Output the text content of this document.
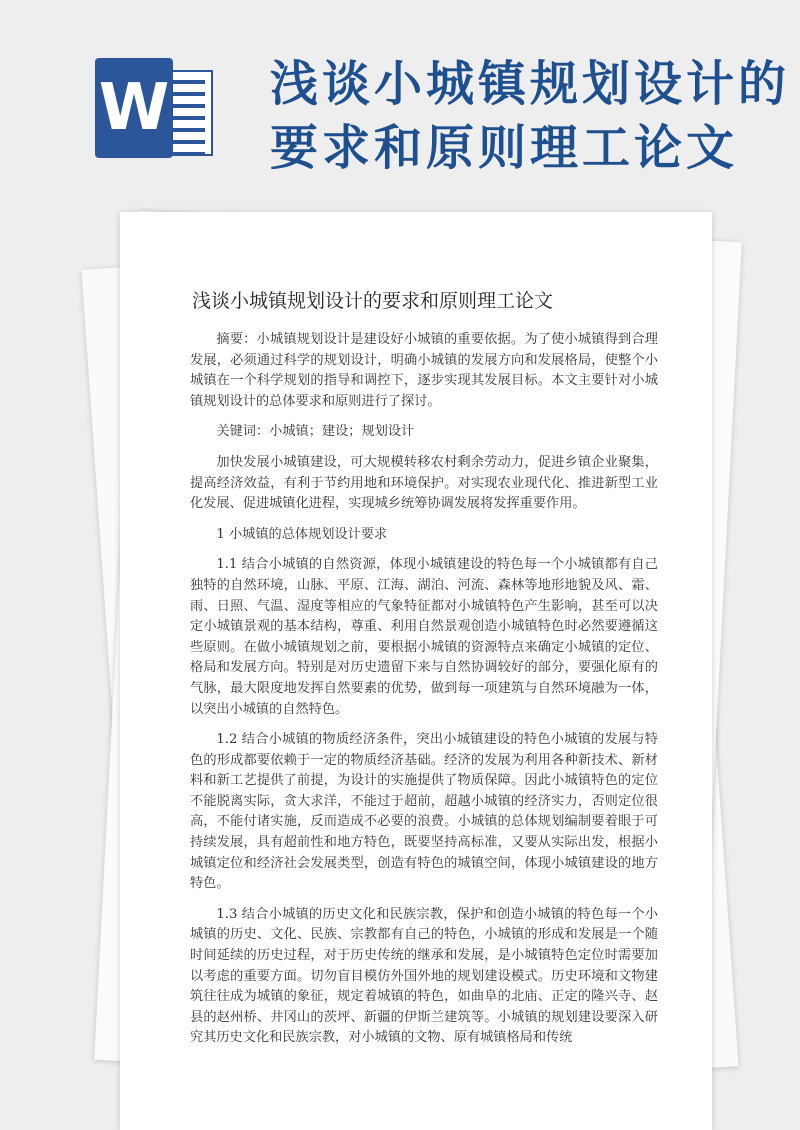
W 浅谈小城镇规划设计的
要求和原则理工论文
浅谈小城镇规划设计的要求和原则理工论文

摘要：小城镇规划设计是建设好小城镇的重要依据。为了使小城镇得到合理发展，必须通过科学的规划设计，明确小城镇的发展方向和发展格局，使整个小城镇在一个科学规划的指导和调控下，逐步实现其发展目标。本文主要针对小城镇规划设计的总体要求和原则进行了探讨。

关键词：小城镇；建设；规划设计

加快发展小城镇建设，可大规模转移农村剩余劳动力，促进乡镇企业聚集，提高经济效益，有利于节约用地和环境保护。对实现农业现代化、推进新型工业化发展、促进城镇化进程，实现城乡统筹协调发展将发挥重要作用。

1 小城镇的总体规划设计要求

1.1 结合小城镇的自然资源，体现小城镇建设的特色每一个小城镇都有自己独特的自然环境，山脉、平原、江海、湖泊、河流、森林等地形地貌及风、霜、雨、日照、气温、湿度等相应的气象特征都对小城镇特色产生影响，甚至可以决定小城镇景观的基本结构，尊重、利用自然景观创造小城镇特色时必然要遵循这些原则。在做小城镇规划之前，要根据小城镇的资源特点来确定小城镇的定位、格局和发展方向。特别是对历史遗留下来与自然协调较好的部分，要强化原有的气脉，最大限度地发挥自然要素的优势，做到每一项建筑与自然环境融为一体，以突出小城镇的自然特色。

1.2 结合小城镇的物质经济条件，突出小城镇建设的特色小城镇的发展与特色的形成都要依赖于一定的物质经济基础。经济的发展为利用各种新技术、新材料和新工艺提供了前提，为设计的实施提供了物质保障。因此小城镇特色的定位不能脱离实际，贪大求洋，不能过于超前，超越小城镇的经济实力，否则定位很高，不能付诸实施，反而造成不必要的浪费。小城镇的总体规划编制要着眼于可持续发展，具有超前性和地方特色，既要坚持高标准，又要从实际出发，根据小城镇定位和经济社会发展类型，创造有特色的城镇空间，体现小城镇建设的地方特色。

1.3 结合小城镇的历史文化和民族宗教，保护和创造小城镇的特色每一个小城镇的历史、文化、民族、宗教都有自己的特色，小城镇的形成和发展是一个随时间延续的历史过程，对于历史传统的继承和发展，是小城镇特色定位时需要加以考虑的重要方面。切勿盲目模仿外国外地的规划建设模式。历史环境和文物建筑往往成为城镇的象征，规定着城镇的特色，如曲阜的北庙、正定的隆兴寺、赵县的赵州桥、井冈山的茨坪、新疆的伊斯兰建筑等。小城镇的规划建设要深入研究其历史文化和民族宗教，对小城镇的文物、原有城镇格局和传统
